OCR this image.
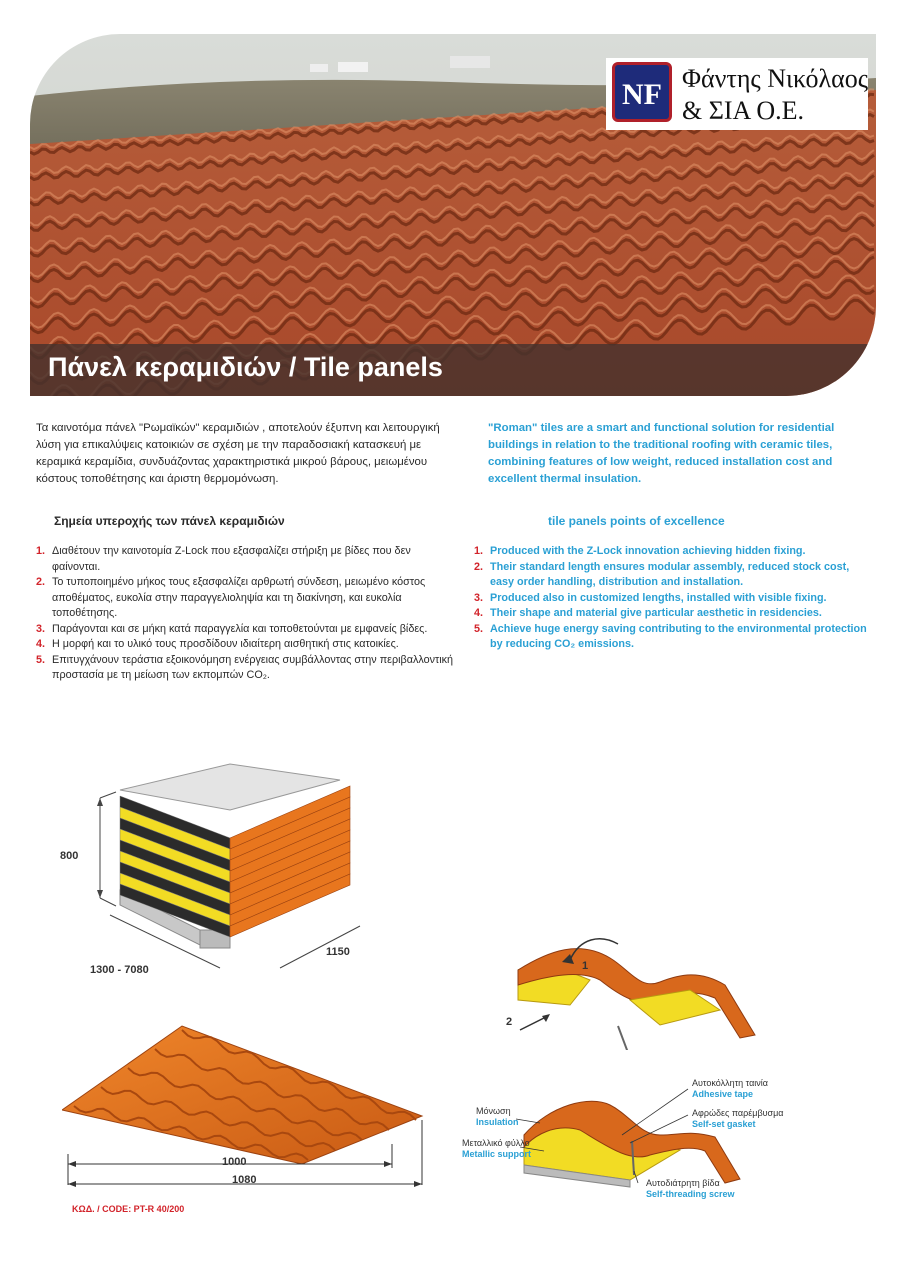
Πάνελ κεραμιδιών / Tile panels
NF Φάντης Νικόλαος
& ΣΙΑ Ο.Ε.
Τα καινοτόμα πάνελ "Ρωμαϊκών" κεραμιδιών , αποτελούν έξυπνη και λειτουργική λύση για επικαλύψεις κατοικιών σε σχέση με την παραδοσιακή κατασκευή με κεραμικά κεραμίδια, συνδυάζοντας χαρακτηριστικά μικρού βάρους, μειωμένου κόστους τοποθέτησης και άριστη θερμομόνωση.
"Roman" tiles are a smart and functional solution for residential buildings in relation to the traditional roofing with ceramic tiles, combining features of low weight, reduced installation cost and excellent thermal insulation.
Σημεία υπεροχής των πάνελ κεραμιδιών	tile panels points of excellence
1. Διαθέτουν την καινοτομία Z-Lock που εξασφαλίζει στήριξη με βίδες που δεν φαίνονται.
2. Το τυποποιημένο μήκος τους εξασφαλίζει αρθρωτή σύνδεση, μειωμένο κόστος αποθέματος, ευκολία στην παραγγελιοληψία και τη διακίνηση, και ευκολία τοποθέτησης.
3. Παράγονται και σε μήκη κατά παραγγελία και τοποθετούνται με εμφανείς βίδες.
4. Η μορφή και το υλικό τους προσδίδουν ιδιαίτερη αισθητική στις κατοικίες.
5. Επιτυγχάνουν τεράστια εξοικονόμηση ενέργειας συμβάλλοντας στην περιβαλλοντική προστασία με τη μείωση των εκπομπών CO₂.
1. Produced with the Z-Lock innovation achieving hidden fixing.
2. Their standard length ensures modular assembly, reduced stock cost, easy order handling, distribution and installation.
3. Produced also in customized lengths, installed with visible fixing.
4. Their shape and material give particular aesthetic in residencies.
5. Achieve huge energy saving contributing to the environmental protection by reducing CO₂ emissions.
800
1300 - 7080
1150
1000
1080
ΚΩΔ. / CODE: PT-R 40/200
1
2
Μόνωση
Insulation
Μεταλλικό φύλλο
Metallic support
Αυτοκόλλητη ταινία
Adhesive tape
Αφρώδες παρέμβυσμα
Self-set gasket
Αυτοδιάτρητη βίδα
Self-threading screw
